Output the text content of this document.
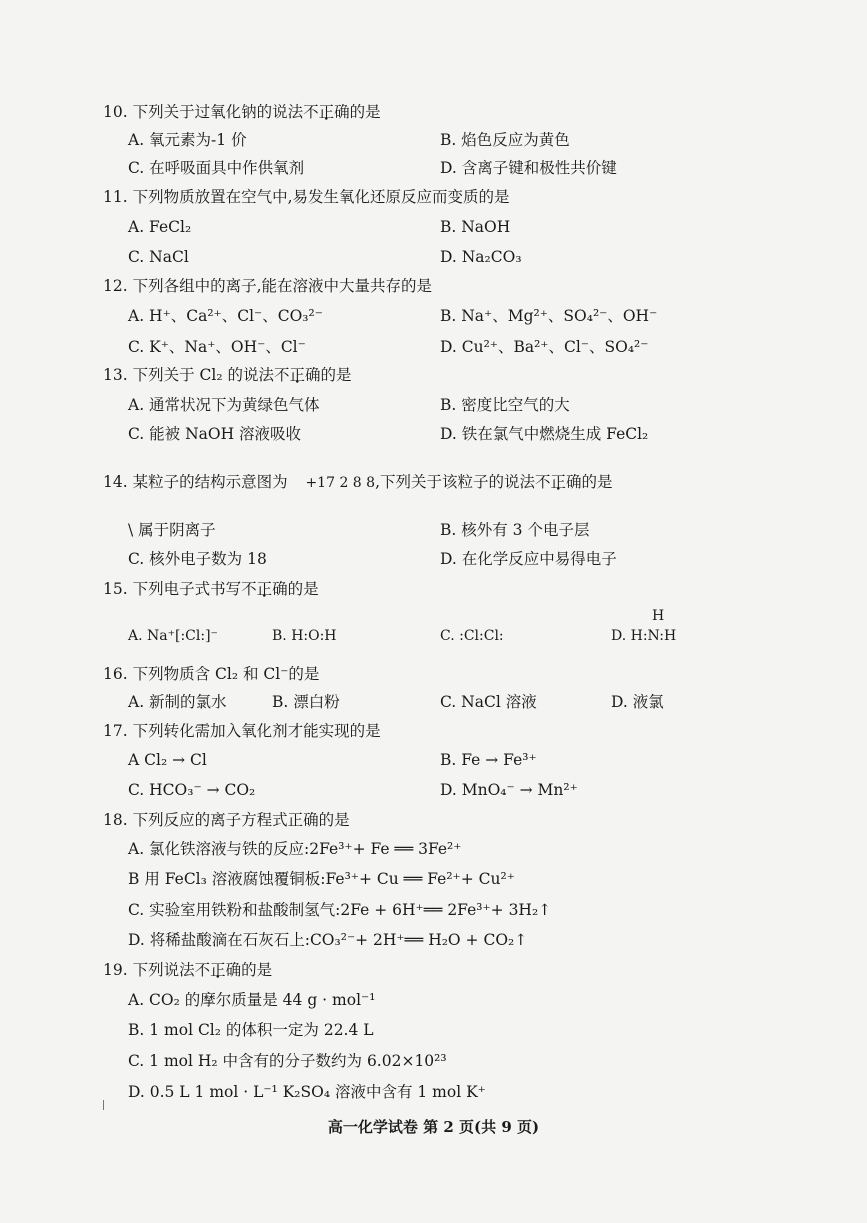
10. 下列关于过氧化钠的说法不正确的是
A. 氧元素为-1 价	B. 焰色反应为黄色
C. 在呼吸面具中作供氧剂	D. 含离子键和极性共价键
11. 下列物质放置在空气中,易发生氧化还原反应而变质的是
A. FeCl₂	B. NaOH
C. NaCl	D. Na₂CO₃
12. 下列各组中的离子,能在溶液中大量共存的是
A. H⁺、Ca²⁺、Cl⁻、CO₃²⁻	B. Na⁺、Mg²⁺、SO₄²⁻、OH⁻
C. K⁺、Na⁺、OH⁻、Cl⁻	D. Cu²⁺、Ba²⁺、Cl⁻、SO₄²⁻
13. 下列关于 Cl₂ 的说法不正确的是
A. 通常状况下为黄绿色气体	B. 密度比空气的大
C. 能被 NaOH 溶液吸收	D. 铁在氯气中燃烧生成 FeCl₂
14. 某粒子的结构示意图为 +17 2 8 8,下列关于该粒子的说法不正确的是
\ 属于阴离子	B. 核外有 3 个电子层
C. 核外电子数为 18	D. 在化学反应中易得电子
15. 下列电子式书写不正确的是
H
A. Na⁺[:Cl:]⁻	B. H:O:H	C. :Cl:Cl:	D. H:N:H
16. 下列物质含 Cl₂ 和 Cl⁻的是
A. 新制的氯水	B. 漂白粉	C. NaCl 溶液	D. 液氯
17. 下列转化需加入氧化剂才能实现的是
A Cl₂ → Cl	B. Fe → Fe³⁺
C. HCO₃⁻ → CO₂	D. MnO₄⁻ → Mn²⁺
18. 下列反应的离子方程式正确的是
A. 氯化铁溶液与铁的反应:2Fe³⁺+ Fe ══ 3Fe²⁺
B 用 FeCl₃ 溶液腐蚀覆铜板:Fe³⁺+ Cu ══ Fe²⁺+ Cu²⁺
C. 实验室用铁粉和盐酸制氢气:2Fe + 6H⁺══ 2Fe³⁺+ 3H₂↑
D. 将稀盐酸滴在石灰石上:CO₃²⁻+ 2H⁺══ H₂O + CO₂↑
19. 下列说法不正确的是
A. CO₂ 的摩尔质量是 44 g · mol⁻¹
B. 1 mol Cl₂ 的体积一定为 22.4 L
C. 1 mol H₂ 中含有的分子数约为 6.02×10²³
D. 0.5 L 1 mol · L⁻¹ K₂SO₄ 溶液中含有 1 mol K⁺
高一化学试卷 第 2 页(共 9 页)
